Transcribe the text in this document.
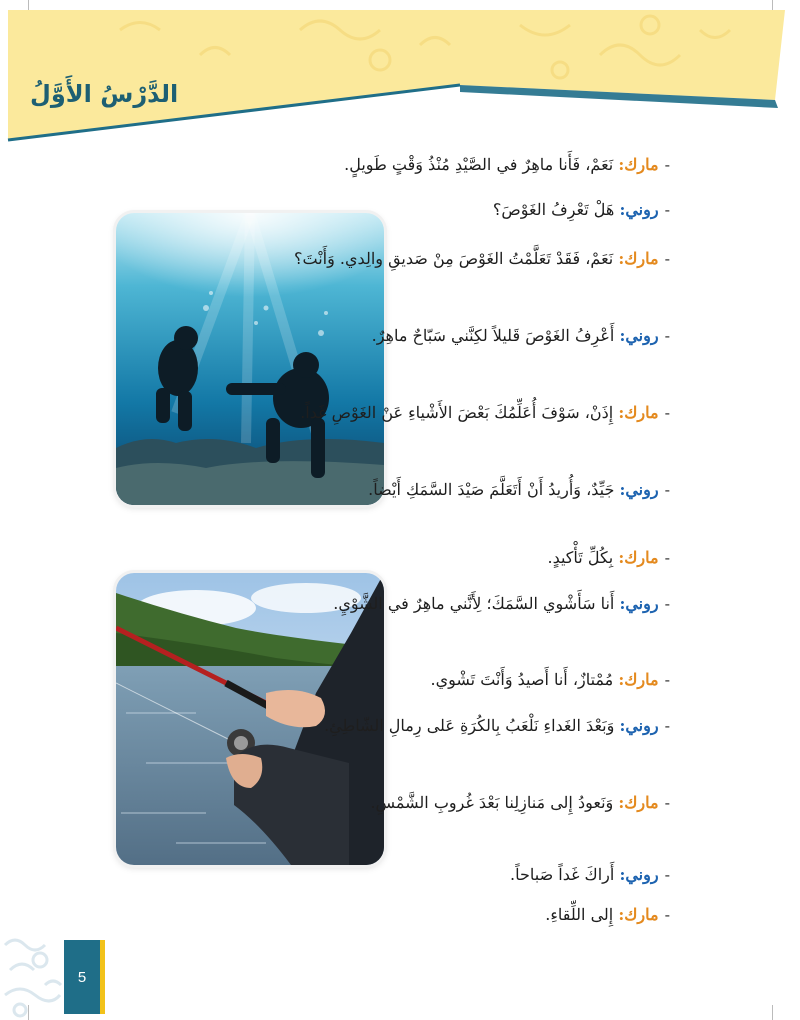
الدَّرْسُ الأَوَّلُ

-مارك: نَعَمْ، فَأَنا ماهِرٌ في الصَّيْدِ مُنْذُ وَقْتٍ طَويلٍ.

-روني: هَلْ تَعْرِفُ الغَوْصَ؟

-مارك: نَعَمْ، فَقَدْ تَعَلَّمْتُ الغَوْصَ مِنْ صَديقِ والِدي. وَأَنْتَ؟

-روني: أَعْرِفُ الغَوْصَ قَليلاً لكِنَّني سَبّاحٌ ماهِرٌ.

-مارك: إِذَنْ، سَوْفَ أُعَلِّمُكَ بَعْضَ الأَشْياءِ عَنْ الغَوْصِ غَداً.

-روني: جَيِّدٌ، وَأُريدُ أَنْ أَتَعَلَّمَ صَيْدَ السَّمَكِ أَيْضاً.

-مارك: بِكُلِّ تَأْكيدٍ.

-روني: أَنا سَأَشْوي السَّمَكَ؛ لِأَنَّني ماهِرٌ في الشَّوْيِ.

-مارك: مُمْتازٌ، أَنا أَصيدُ وَأَنْتَ تَشْوي.

-روني: وَبَعْدَ الغَداءِ نَلْعَبُ بِالكُرَةِ عَلى رِمالِ الشّاطِئِ.

-مارك: وَنَعودُ إِلى مَنازِلِنا بَعْدَ غُروبِ الشَّمْسِ.

-روني: أَراكَ غَداً صَباحاً.

-مارك: إِلى اللِّقاءِ.

5
